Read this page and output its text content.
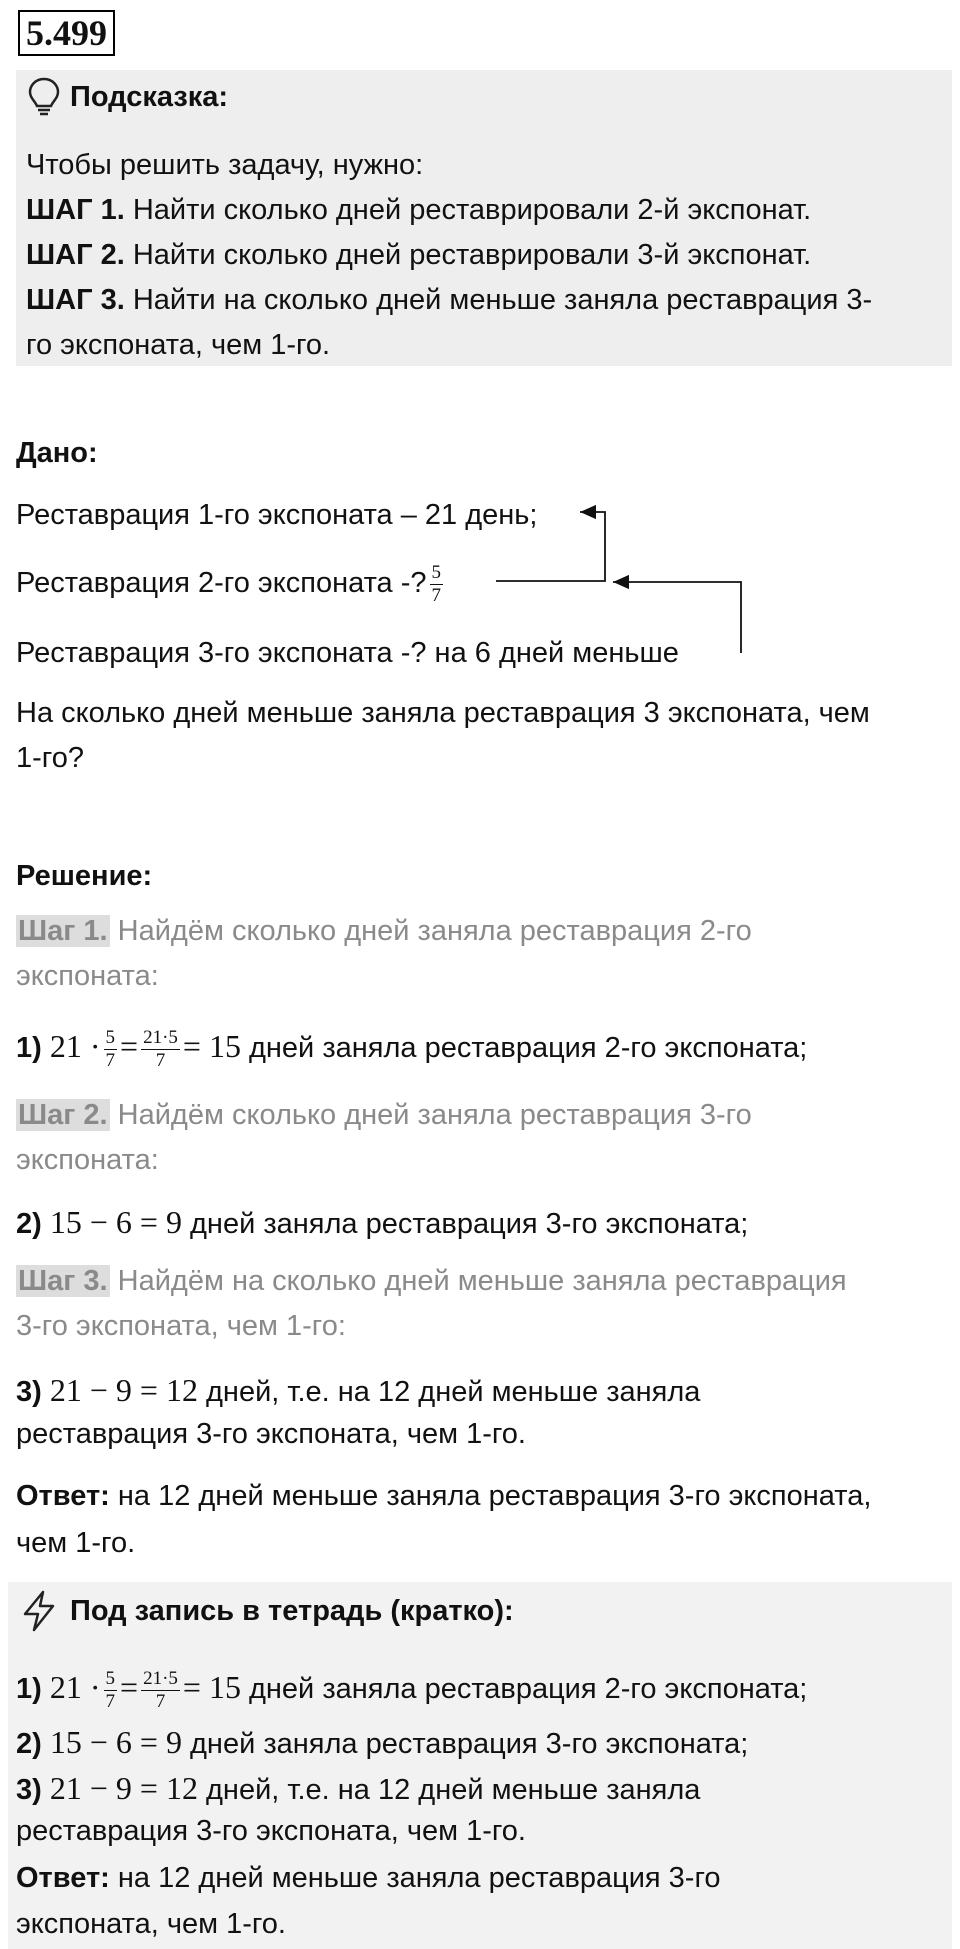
5.499
Подсказка:
Чтобы решить задачу, нужно:
ШАГ 1. Найти сколько дней реставрировали 2-й экспонат.
ШАГ 2. Найти сколько дней реставрировали 3-й экспонат.
ШАГ 3. Найти на сколько дней меньше заняла реставрация 3-
го экспоната, чем 1-го.
Дано:
Реставрация 1-го экспоната – 21 день;
Реставрация 2-го экспоната -? $\frac{5}{7}$
Реставрация 3-го экспоната -? на 6 дней меньше
На сколько дней меньше заняла реставрация 3 экспоната, чем
1-го?
Решение:
Шаг 1. Найдём сколько дней заняла реставрация 2-го
экспоната:
1) $21 \cdot \frac{5}{7} = \frac{21\cdot 5}{7} = 15$ дней заняла реставрация 2-го экспоната;
Шаг 2. Найдём сколько дней заняла реставрация 3-го
экспоната:
2) 15 − 6 = 9 дней заняла реставрация 3-го экспоната;
Шаг 3. Найдём на сколько дней меньше заняла реставрация
3-го экспоната, чем 1-го:
3) 21 − 9 = 12 дней, т.е. на 12 дней меньше заняла
реставрация 3-го экспоната, чем 1-го.
Ответ: на 12 дней меньше заняла реставрация 3-го экспоната,
чем 1-го.
Под запись в тетрадь (кратко):
1) $21 \cdot \frac{5}{7} = \frac{21\cdot 5}{7} = 15$ дней заняла реставрация 2-го экспоната;
2) 15 − 6 = 9 дней заняла реставрация 3-го экспоната;
3) 21 − 9 = 12 дней, т.е. на 12 дней меньше заняла
реставрация 3-го экспоната, чем 1-го.
Ответ: на 12 дней меньше заняла реставрация 3-го
экспоната, чем 1-го.
